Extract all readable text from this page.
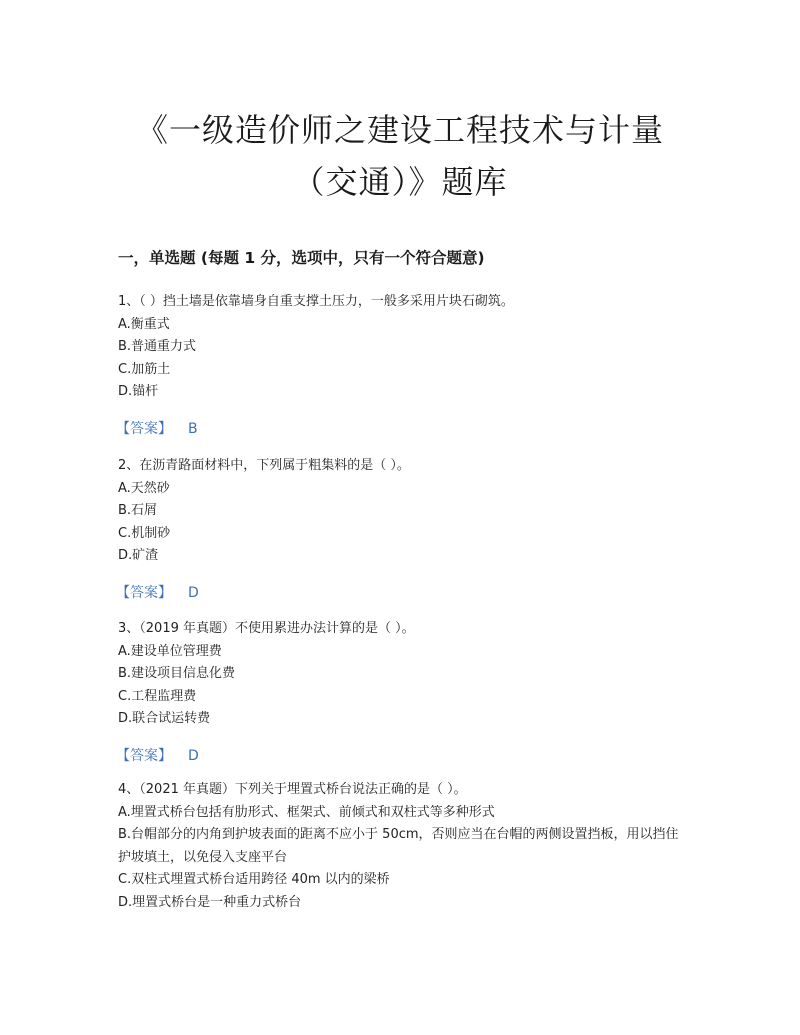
《一级造价师之建设工程技术与计量
（交通）》题库
一，单选题 (每题 1 分，选项中，只有一个符合题意)
1、（ ）挡土墙是依靠墙身自重支撑土压力，一般多采用片块石砌筑。
A.衡重式
B.普通重力式
C.加筋土
D.锚杆
【答案】 B
2、在沥青路面材料中，下列属于粗集料的是（ ）。
A.天然砂
B.石屑
C.机制砂
D.矿渣
【答案】 D
3、（2019 年真题）不使用累进办法计算的是（ ）。
A.建设单位管理费
B.建设项目信息化费
C.工程监理费
D.联合试运转费
【答案】 D
4、（2021 年真题）下列关于埋置式桥台说法正确的是（ ）。
A.埋置式桥台包括有肋形式、框架式、前倾式和双柱式等多种形式
B.台帽部分的内角到护坡表面的距离不应小于 50cm，否则应当在台帽的两侧设置挡板，用以挡住护坡填土，以免侵入支座平台
C.双柱式埋置式桥台适用跨径 40m 以内的梁桥
D.埋置式桥台是一种重力式桥台
